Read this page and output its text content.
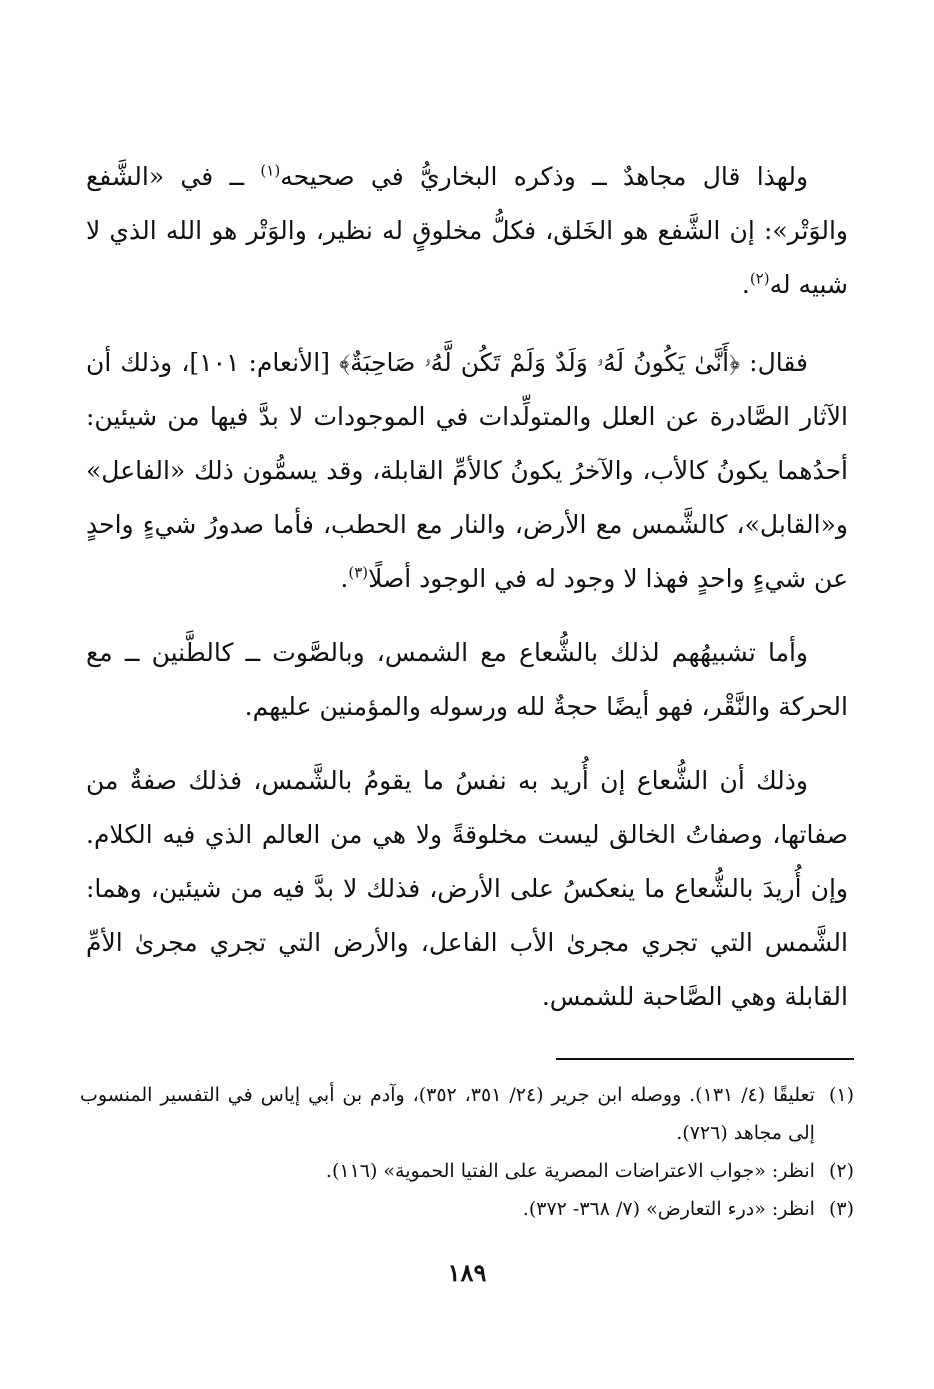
ولهذا قال مجاهدٌ ــ وذكره البخاريُّ في صحيحه$^{(١)}$ ــ في «الشَّفع والوَتْر»: إن الشَّفع هو الخَلق، فكلُّ مخلوقٍ له نظير، والوَتْر هو الله الذي لا شبيه له$^{(٢)}$.

فقال: ﴿أَنَّىٰ يَكُونُ لَهُۥ وَلَدٌ وَلَمْ تَكُن لَّهُۥ صَاحِبَةٌ﴾ [الأنعام: ١٠١]، وذلك أن الآثار الصَّادرة عن العلل والمتولِّدات في الموجودات لا بدَّ فيها من شيئين: أحدُهما يكونُ كالأب، والآخرُ يكونُ كالأمِّ القابلة، وقد يسمُّون ذلك «الفاعل» و«القابل»، كالشَّمس مع الأرض، والنار مع الحطب، فأما صدورُ شيءٍ واحدٍ عن شيءٍ واحدٍ فهذا لا وجود له في الوجود أصلًا$^{(٣)}$.

وأما تشبيهُهم لذلك بالشُّعاع مع الشمس، وبالصَّوت ــ كالطَّنين ــ مع الحركة والنَّقْر، فهو أيضًا حجةٌ لله ورسوله والمؤمنين عليهم.

وذلك أن الشُّعاع إن أُريد به نفسُ ما يقومُ بالشَّمس، فذلك صفةٌ من صفاتها، وصفاتُ الخالق ليست مخلوقةً ولا هي من العالم الذي فيه الكلام. وإن أُريدَ بالشُّعاع ما ينعكسُ على الأرض، فذلك لا بدَّ فيه من شيئين، وهما: الشَّمس التي تجري مجرىٰ الأب الفاعل، والأرض التي تجري مجرىٰ الأمِّ القابلة وهي الصَّاحبة للشمس.

(١)
تعليقًا (٤/ ١٣١). ووصله ابن جرير (٢٤/ ٣٥١، ٣٥٢)، وآدم بن أبي إياس في التفسير المنسوب إلى مجاهد (٧٢٦).

(٢)
انظر: «جواب الاعتراضات المصرية على الفتيا الحموية» (١١٦).

(٣)
انظر: «درء التعارض» (٧/ ٣٦٨- ٣٧٢).

١٨٩
